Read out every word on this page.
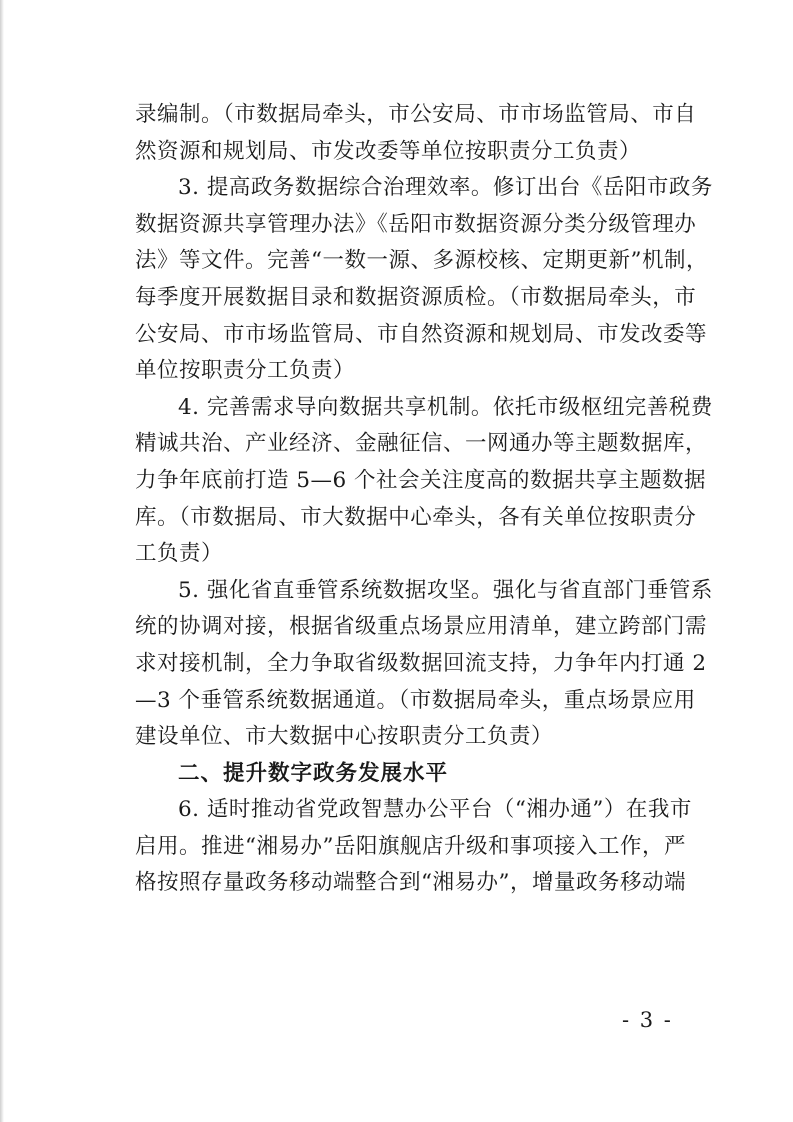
录编制。（市数据局牵头，市公安局、市市场监管局、市自
然资源和规划局、市发改委等单位按职责分工负责）
3. 提高政务数据综合治理效率。修订出台《岳阳市政务
数据资源共享管理办法》《岳阳市数据资源分类分级管理办
法》等文件。完善“一数一源、多源校核、定期更新”机制，
每季度开展数据目录和数据资源质检。（市数据局牵头，市
公安局、市市场监管局、市自然资源和规划局、市发改委等
单位按职责分工负责）
4. 完善需求导向数据共享机制。依托市级枢纽完善税费
精诚共治、产业经济、金融征信、一网通办等主题数据库，
力争年底前打造 5—6 个社会关注度高的数据共享主题数据
库。（市数据局、市大数据中心牵头，各有关单位按职责分
工负责）
5. 强化省直垂管系统数据攻坚。强化与省直部门垂管系
统的协调对接，根据省级重点场景应用清单，建立跨部门需
求对接机制，全力争取省级数据回流支持，力争年内打通 2
—3 个垂管系统数据通道。（市数据局牵头，重点场景应用
建设单位、市大数据中心按职责分工负责）
二、提升数字政务发展水平
6. 适时推动省党政智慧办公平台（“湘办通”）在我市
启用。推进“湘易办”岳阳旗舰店升级和事项接入工作，严
格按照存量政务移动端整合到“湘易办”，增量政务移动端
- 3 -
